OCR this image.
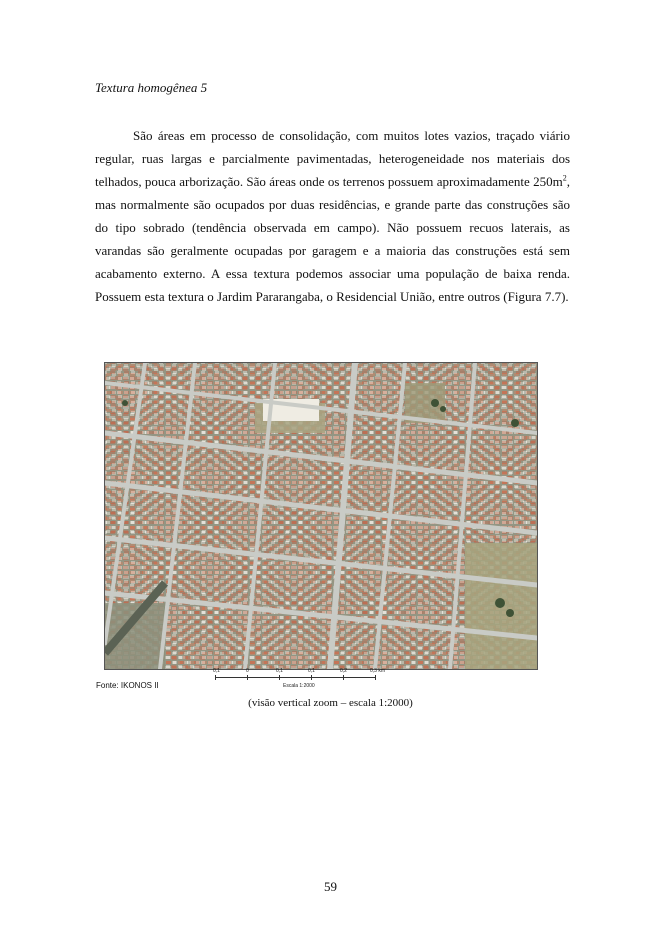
Textura homogênea 5

São áreas em processo de consolidação, com muitos lotes vazios, traçado viário regular, ruas largas e parcialmente pavimentadas, heterogeneidade nos materiais dos telhados, pouca arborização. São áreas onde os terrenos possuem aproximadamente $250m^2$, mas normalmente são ocupados por duas residências, e grande parte das construções são do tipo sobrado (tendência observada em campo). Não possuem recuos laterais, as varandas são geralmente ocupadas por garagem e a maioria das construções está sem acabamento externo. A essa textura podemos associar uma população de baixa renda. Possuem esta textura o Jardim Pararangaba, o Residencial União, entre outros (Figura 7.7).

0,1	0	0,1	0,1	0,2	0,3 km
Escala 1:2000
Fonte: IKONOS II
(visão vertical zoom – escala 1:2000)
59
